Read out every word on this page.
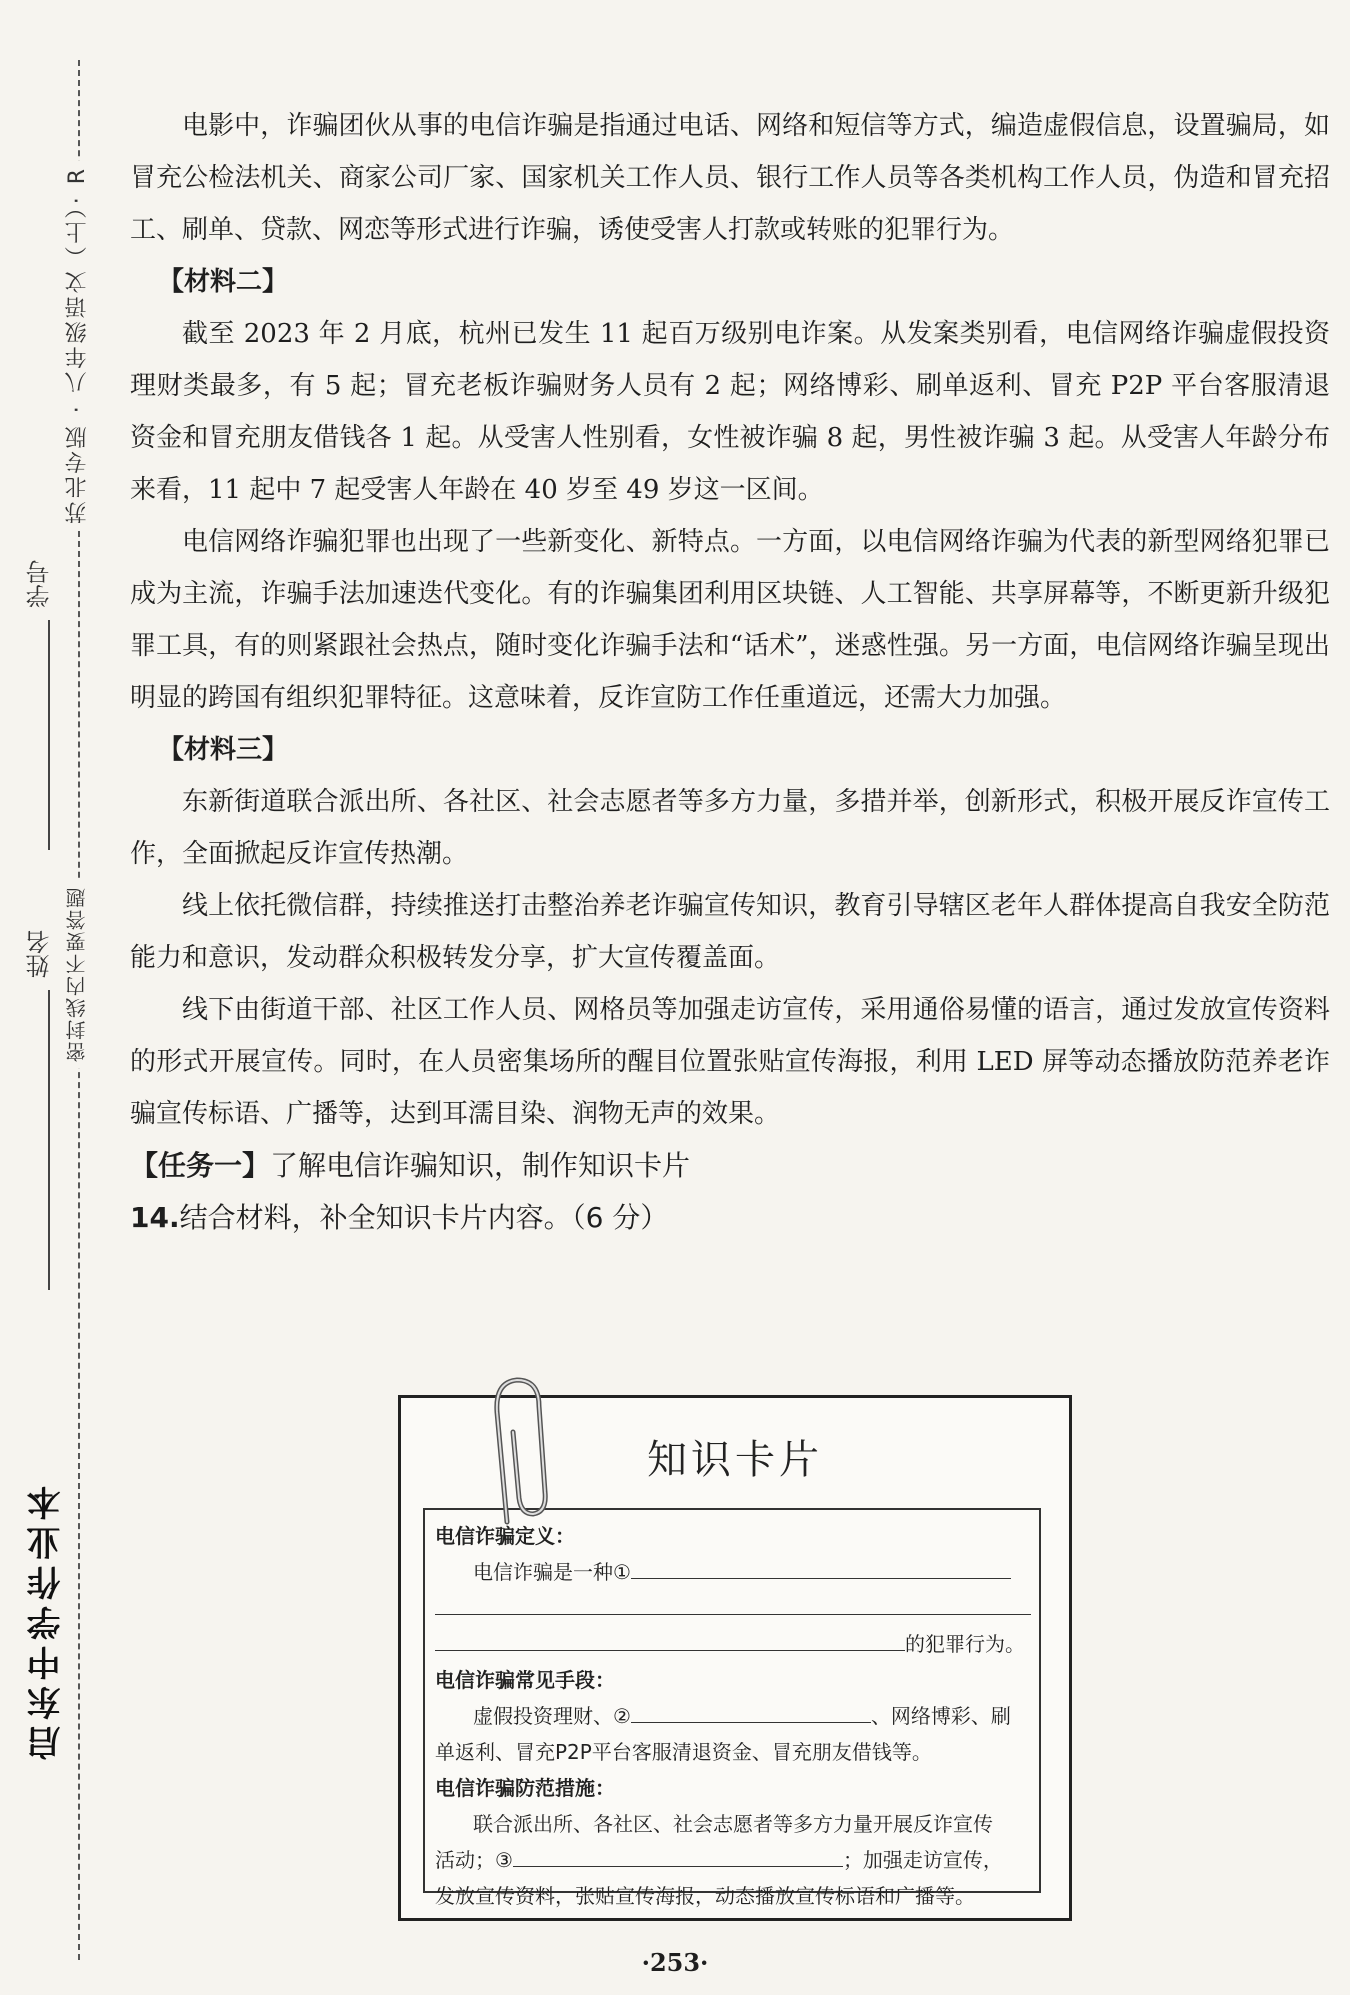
苏北专版 · 八年级语文（上）· R
密封线内不要答题
启东中学作业本
学号
姓名

电影中，诈骗团伙从事的电信诈骗是指通过电话、网络和短信等方式，编造虚假信息，设置骗局，如冒充公检法机关、商家公司厂家、国家机关工作人员、银行工作人员等各类机构工作人员，伪造和冒充招工、刷单、贷款、网恋等形式进行诈骗，诱使受害人打款或转账的犯罪行为。

【材料二】

截至 2023 年 2 月底，杭州已发生 11 起百万级别电诈案。从发案类别看，电信网络诈骗虚假投资理财类最多，有 5 起；冒充老板诈骗财务人员有 2 起；网络博彩、刷单返利、冒充 P2P 平台客服清退资金和冒充朋友借钱各 1 起。从受害人性别看，女性被诈骗 8 起，男性被诈骗 3 起。从受害人年龄分布来看，11 起中 7 起受害人年龄在 40 岁至 49 岁这一区间。

电信网络诈骗犯罪也出现了一些新变化、新特点。一方面，以电信网络诈骗为代表的新型网络犯罪已成为主流，诈骗手法加速迭代变化。有的诈骗集团利用区块链、人工智能、共享屏幕等，不断更新升级犯罪工具，有的则紧跟社会热点，随时变化诈骗手法和“话术”，迷惑性强。另一方面，电信网络诈骗呈现出明显的跨国有组织犯罪特征。这意味着，反诈宣防工作任重道远，还需大力加强。

【材料三】

东新街道联合派出所、各社区、社会志愿者等多方力量，多措并举，创新形式，积极开展反诈宣传工作，全面掀起反诈宣传热潮。

线上依托微信群，持续推送打击整治养老诈骗宣传知识，教育引导辖区老年人群体提高自我安全防范能力和意识，发动群众积极转发分享，扩大宣传覆盖面。

线下由街道干部、社区工作人员、网格员等加强走访宣传，采用通俗易懂的语言，通过发放宣传资料的形式开展宣传。同时，在人员密集场所的醒目位置张贴宣传海报，利用 LED 屏等动态播放防范养老诈骗宣传标语、广播等，达到耳濡目染、润物无声的效果。

【任务一】了解电信诈骗知识，制作知识卡片
14.结合材料，补全知识卡片内容。（6 分）
知识卡片
电信诈骗定义：
电信诈骗是一种①
的犯罪行为。
电信诈骗常见手段：
虚假投资理财、②	、网络博彩、刷
单返利、冒充P2P平台客服清退资金、冒充朋友借钱等。
电信诈骗防范措施：
联合派出所、各社区、社会志愿者等多方力量开展反诈宣传
活动；③	；加强走访宣传，
发放宣传资料，张贴宣传海报，动态播放宣传标语和广播等。
·253·
